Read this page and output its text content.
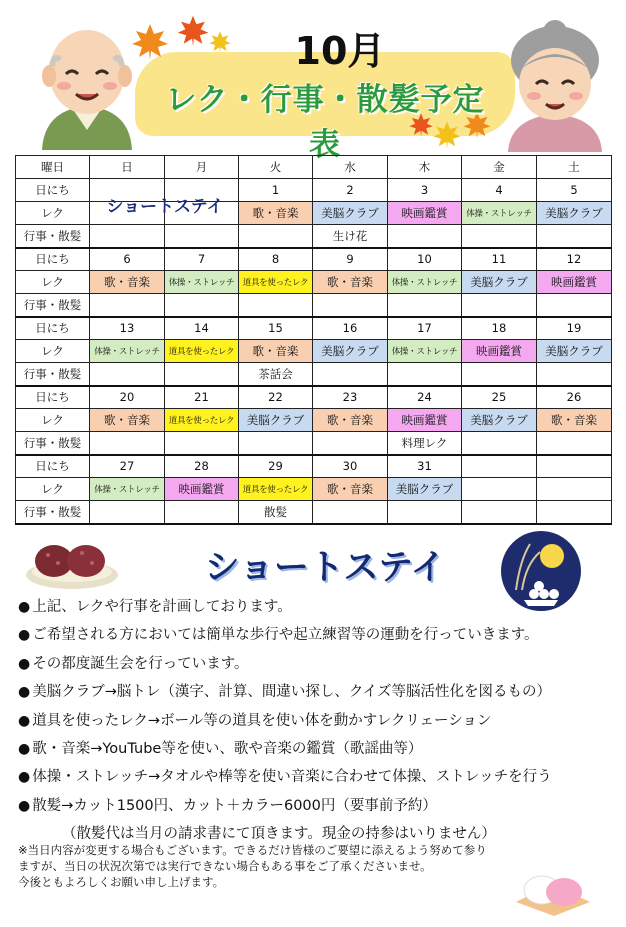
10月
レク・行事・散髪予定表
曜日	日	月	火	水	木	金	土
日にち			1	2	3	4	5
レク			歌・音楽	美脳クラブ	映画鑑賞	体操・ストレッチ	美脳クラブ
行事・散髪				生け花			
日にち	6	7	8	9	10	11	12
レク	歌・音楽	体操・ストレッチ	道具を使ったレク	歌・音楽	体操・ストレッチ	美脳クラブ	映画鑑賞
行事・散髪							
日にち	13	14	15	16	17	18	19
レク	体操・ストレッチ	道具を使ったレク	歌・音楽	美脳クラブ	体操・ストレッチ	映画鑑賞	美脳クラブ
行事・散髪			茶話会				
日にち	20	21	22	23	24	25	26
レク	歌・音楽	道具を使ったレク	美脳クラブ	歌・音楽	映画鑑賞	美脳クラブ	歌・音楽
行事・散髪					料理レク		
日にち	27	28	29	30	31		
レク	体操・ストレッチ	映画鑑賞	道具を使ったレク	歌・音楽	美脳クラブ		
行事・散髪			散髪				
ショートステイ
ショートステイ
● 上記、レクや行事を計画しております。
● ご希望される方においては簡単な歩行や起立練習等の運動を行っていきます。
● その都度誕生会を行っています。
● 美脳クラブ→脳トレ（漢字、計算、間違い探し、クイズ等脳活性化を図るもの）
● 道具を使ったレク→ボール等の道具を使い体を動かすレクリェーション
● 歌・音楽→YouTube等を使い、歌や音楽の鑑賞（歌謡曲等）
● 体操・ストレッチ→タオルや棒等を使い音楽に合わせて体操、ストレッチを行う
● 散髪→カット1500円、カット＋カラー6000円（要事前予約）
（散髪代は当月の請求書にて頂きます。現金の持参はいりません）
※当日内容が変更する場合もございます。できるだけ皆様のご要望に添えるよう努めて参り
ますが、当日の状況次第では実行できない場合もある事をご了承くださいませ。
今後ともよろしくお願い申し上げます。
